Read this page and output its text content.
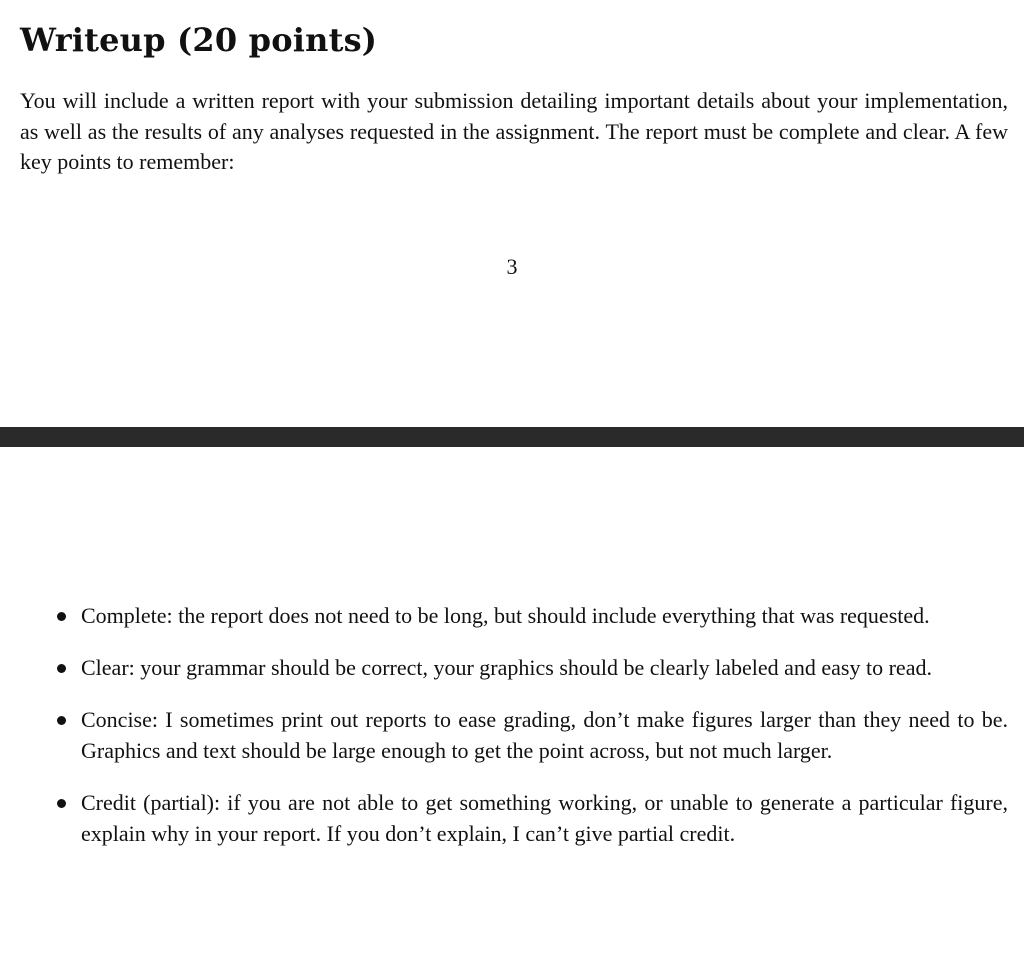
Writeup (20 points)

You will include a written report with your submission detailing important details about your implementation, as well as the results of any analyses requested in the assignment. The report must be complete and clear. A few key points to remember:

3
Complete: the report does not need to be long, but should include everything that was requested.
Clear: your grammar should be correct, your graphics should be clearly labeled and easy to read.
Concise: I sometimes print out reports to ease grading, don’t make figures larger than they need to be. Graphics and text should be large enough to get the point across, but not much larger.
Credit (partial): if you are not able to get something working, or unable to generate a particular figure, explain why in your report. If you don’t explain, I can’t give partial credit.
